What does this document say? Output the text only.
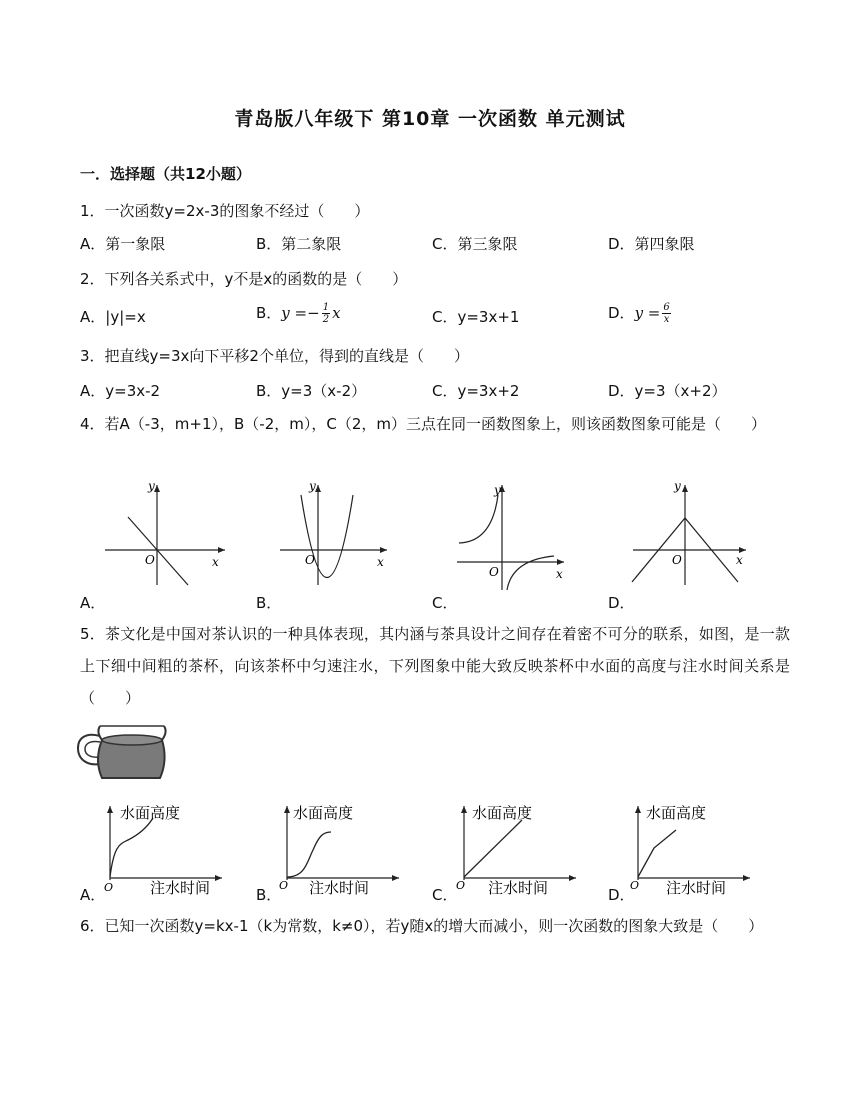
青岛版八年级下 第10章 一次函数 单元测试
一．选择题（共12小题）
1．一次函数y=2x-3的图象不经过（　　）
A．第一象限	B．第二象限	C．第三象限	D．第四象限
2．下列各关系式中，y不是x的函数的是（　　）
A．|y|=x	B．$y =- \frac{1}{2}$ x	C．y=3x+1	D．$y = \frac{6}{x}$
3．把直线y=3x向下平移2个单位，得到的直线是（　　）
A．y=3x-2	B．y=3（x-2）	C．y=3x+2	D．y=3（x+2）
4．若A（-3，m+1），B（-2，m），C（2，m）三点在同一函数图象上，则该函数图象可能是（　　）
y
x
O
A．
y
x
O
B．
y
x
O
C．
y
x
O
D．
5．茶文化是中国对茶认识的一种具体表现，其内涵与茶具设计之间存在着密不可分的联系，如图，是一款上下细中间粗的茶杯，向该茶杯中匀速注水，下列图象中能大致反映茶杯中水面的高度与注水时间关系是（　　）
水面高度
注水时间
O
A．
水面高度
注水时间
O
B．
水面高度
注水时间
O
C．
水面高度
注水时间
O
D．
6．已知一次函数y=kx-1（k为常数，k≠0），若y随x的增大而减小，则一次函数的图象大致是（　　）
